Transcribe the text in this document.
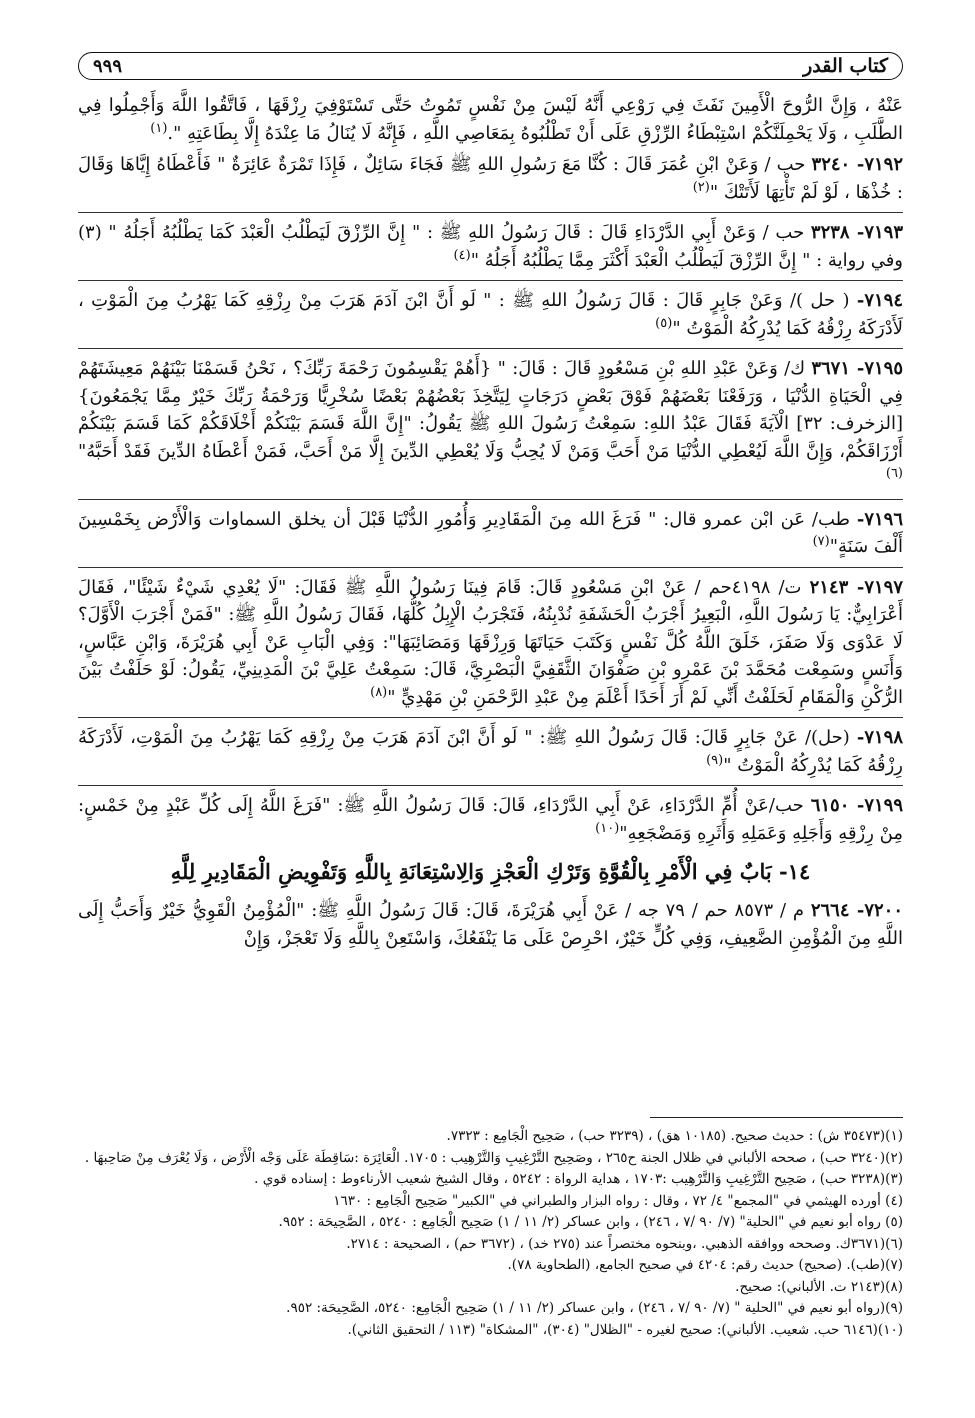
كتاب القدر
٩٩٩

عَنْهُ ، وَإِنَّ الرُّوحَ الْأَمِينَ نَفَثَ فِي رَوْعِي أَنَّهُ لَيْسَ مِنْ نَفْسٍ تَمُوتُ حَتَّى تَسْتَوْفِيَ رِزْقَهَا ، فَاتَّقُوا اللَّهَ وَأَجْمِلُوا فِي الطَّلَبِ ، وَلَا يَحْمِلَنَّكُمْ اسْتِبْطَاءُ الرِّزْقِ عَلَى أَنْ تَطْلُبُوهُ بِمَعَاصِي اللَّهِ ، فَإِنَّهُ لَا يُنَالُ مَا عِنْدَهُ إِلَّا بِطَاعَتِهِ ".$^{(١)}$

٧١٩٢- ٣٢٤٠ حب / وَعَنْ ابْنِ عُمَرَ قَالَ : كُنَّا مَعَ رَسُولِ اللهِ ﷺ فَجَاءَ سَائِلٌ ، فَإِذَا تَمْرَةٌ عَائِرَةٌ " فَأَعْطَاهُ إِيَّاهَا وَقَالَ : خُذْهَا ، لَوْ لَمْ تَأْتِهَا لَأَتَتْكَ "$^{(٢)}$

٧١٩٣- ٣٢٣٨ حب / وَعَنْ أَبِي الدَّرْدَاءِ قَالَ : قَالَ رَسُولُ اللهِ ﷺ : " إِنَّ الرِّزْقَ لَيَطْلُبُ الْعَبْدَ كَمَا يَطْلُبُهُ أَجَلُهُ " (٣) وفي رواية : " إِنَّ الرِّزْقَ لَيَطْلُبُ الْعَبْدَ أَكْثَرَ مِمَّا يَطْلُبُهُ أَجَلُهُ "$^{(٤)}$

٧١٩٤- ( حل )/ وَعَنْ جَابِرٍ قَالَ : قَالَ رَسُولُ اللهِ ﷺ : " لَو أَنَّ ابْنَ آدَمَ هَرَبَ مِنْ رِزْقِهِ كَمَا يَهْرُبُ مِنَ الْمَوْتِ ، لَأَدْرَكَهُ رِزْقُهُ كَمَا يُدْرِكُهُ الْمَوْتُ "$^{(٥)}$

٧١٩٥- ٣٦٧١ ك/ وَعَنْ عَبْدِ اللهِ بْنِ مَسْعُودٍ قَالَ : قَالَ: " {أَهُمْ يَقْسِمُونَ رَحْمَةَ رَبِّكَ؟ ، نَحْنُ قَسَمْنَا بَيْنَهُمْ مَعِيشَتَهُمْ فِي الْحَيَاةِ الدُّنْيَا ، وَرَفَعْنَا بَعْضَهُمْ فَوْقَ بَعْضٍ دَرَجَاتٍ لِيَتَّخِذَ بَعْضُهُمْ بَعْضًا سُخْرِيًّا وَرَحْمَةُ رَبِّكَ خَيْرٌ مِمَّا يَجْمَعُونَ} [الزخرف: ٣٢] الْآيَةَ فَقَالَ عَبْدُ اللهِ: سَمِعْتُ رَسُولَ اللهِ ﷺ يَقُولُ: "إِنَّ اللَّهَ قَسَمَ بَيْنَكُمْ أَخْلَاقَكُمْ كَمَا قَسَمَ بَيْنَكُمْ أَرْزَاقَكُمْ، وَإِنَّ اللَّهَ لَيُعْطِي الدُّنْيَا مَنْ أَحَبَّ وَمَنْ لَا يُحِبُّ وَلَا يُعْطِي الدِّينَ إِلَّا مَنْ أَحَبَّ، فَمَنْ أَعْطَاهُ الدِّينَ فَقَدْ أَحَبَّهُ"$^{(٦)}$

٧١٩٦- طب/ عَن ابْن عمرو قال: " فَرَغَ الله مِنَ الْمَقَادِيرِ وَأُمُورِ الدُّنْيَا قَبْلَ أن يخلق السماوات وَالْأَرْض بِخَمْسِينَ أَلْفَ سَنَةٍ"$^{(٧)}$

٧١٩٧- ٢١٤٣ ت/ ٤١٩٨حم / عَنْ ابْنِ مَسْعُودٍ قَالَ: قَامَ فِينَا رَسُولُ اللَّهِ ﷺ فَقَالَ: "لَا يُعْدِي شَيْءٌ شَيْئًا"، فَقَالَ أَعْرَابِيٌّ: يَا رَسُولَ اللَّهِ، الْبَعِيرُ أَجْرَبُ الْحَشَفَةِ نُدْبِنُهُ، فَتَجْرَبُ الْإِبِلُ كُلُّهَا، فَقَالَ رَسُولُ اللَّهِ ﷺ: "فَمَنْ أَجْرَبَ الْأَوَّلَ؟ لَا عَدْوَى وَلَا صَفَرَ، خَلَقَ اللَّهُ كُلَّ نَفْسٍ وَكَتَبَ حَيَاتَهَا وَرِزْقَهَا وَمَصَائِبَهَا": وَفِي الْبَابِ عَنْ أَبِي هُرَيْرَةَ، وَابْنِ عَبَّاسٍ، وَأَنَسٍ وسَمِعْت مُحَمَّدَ بْنَ عَمْرِو بْنِ صَفْوَانَ الثَّقَفِيَّ الْبَصْرِيَّ، قَالَ: سَمِعْتُ عَلِيَّ بْنَ الْمَدِينِيِّ، يَقُولُ: لَوْ حَلَفْتُ بَيْنَ الرُّكْنِ وَالْمَقَامِ لَحَلَفْتُ أَنِّي لَمْ أَرَ أَحَدًا أَعْلَمَ مِنْ عَبْدِ الرَّحْمَنِ بْنِ مَهْدِيٍّ "$^{(٨)}$

٧١٩٨- (حل)/ عَنْ جَابِرٍ قَالَ: قَالَ رَسُولُ اللهِ ﷺ: " لَو أَنَّ ابْنَ آدَمَ هَرَبَ مِنْ رِزْقِهِ كَمَا يَهْرُبُ مِنَ الْمَوْتِ، لَأَدْرَكَهُ رِزْقُهُ كَمَا يُدْرِكُهُ الْمَوْتُ "$^{(٩)}$

٧١٩٩- ٦١٥٠ حب/عَنْ أُمِّ الدَّرْدَاءِ، عَنْ أَبِي الدَّرْدَاءِ، قَالَ: قَالَ رَسُولُ اللَّهِ ﷺ: "فَرَغَ اللَّهُ إِلَى كُلِّ عَبْدٍ مِنْ خَمْسٍ: مِنْ رِزْقِهِ وَأَجَلِهِ وَعَمَلِهِ وَأَثَرِهِ وَمَضْجَعِهِ"$^{(١٠)}$

١٤- بَابٌ فِي الْأَمْرِ بِالْقُوَّةِ وَتَرْكِ الْعَجْزِ وَالِاسْتِعَانَةِ بِاللَّهِ وَتَفْوِيضِ الْمَقَادِيرِ لِلَّهِ

٧٢٠٠- ٢٦٦٤ م / ٨٥٧٣ حم / ٧٩ جه / عَنْ أَبِي هُرَيْرَةَ، قَالَ: قَالَ رَسُولُ اللَّهِ ﷺ: "الْمُؤْمِنُ الْقَوِيُّ خَيْرٌ وَأَحَبُّ إِلَى اللَّهِ مِنَ الْمُؤْمِنِ الضَّعِيفِ، وَفِي كُلٍّ خَيْرٌ، احْرِصْ عَلَى مَا يَنْفَعُكَ، وَاسْتَعِنْ بِاللَّهِ وَلَا تَعْجَزْ، وَإِنْ

(١)(٣٥٤٧٣ ش) : حديث صحيح. (١٠١٨٥ هق) ، (٣٢٣٩ حب) ، صَحِيح الْجَامِع : ٧٣٢٣.
(٢)(٣٢٤٠ حب) ، صححه الألباني في ظلال الجنة ح٢٦٥ ، وصَحِيح التَّرْغِيبِ وَالتَّرْهِيب : ١٧٠٥. الْعَائِرَة :سَاقِطَة عَلَى وَجْه الْأَرْض ، وَلَا يُعْرَف مِنْ صَاحِبهَا .
(٣)(٣٢٣٨ حب) ، صَحِيح التَّرْغِيبِ وَالتَّرْهِيب :١٧٠٣ ، هداية الرواة : ٥٢٤٢ ، وقال الشيخ شعيب الأرناءوط : إسناده قوي .
(٤) أورده الهيثمي في "المجمع" ٤/ ٧٢ ، وقال : رواه البزار والطبراني في "الكبير" صَحِيح الْجَامِع : ١٦٣٠
(٥) رواه أبو نعيم في "الحلية" (٧/ ٩٠ /٧ ، ٢٤٦) ، وابن عساكر (٢/ ١١ / ١) صَحِيح الْجَامِع : ٥٢٤٠ ، الصَّحِيحَة : ٩٥٢.
(٦)(٣٦٧١ك. وصححه ووافقه الذهبي. ،وبنحوه مختصراً عند (٢٧٥ خد) ، (٣٦٧٢ حم) ، الصحيحة : ٢٧١٤.
(٧)(طب). (صحيح) حديث رقم: ٤٢٠٤ في صحيح الجامع، (الطحاوية ٧٨).
(٨)(٢١٤٣ ت. الألباني): صحيح.
(٩)(رواه أبو نعيم في "الحلية " (٧/ ٩٠ /٧ ، ٢٤٦) ، وابن عساكر (٢/ ١١ / ١) صَحِيح الْجَامِع: ٥٢٤٠، الصَّحِيحَة: ٩٥٢.
(١٠)(٦١٤٦ حب. شعيب. الألباني): صحيح لغيره - "الظلال" (٣٠٤)، "المشكاة" (١١٣ / التحقيق الثاني).
